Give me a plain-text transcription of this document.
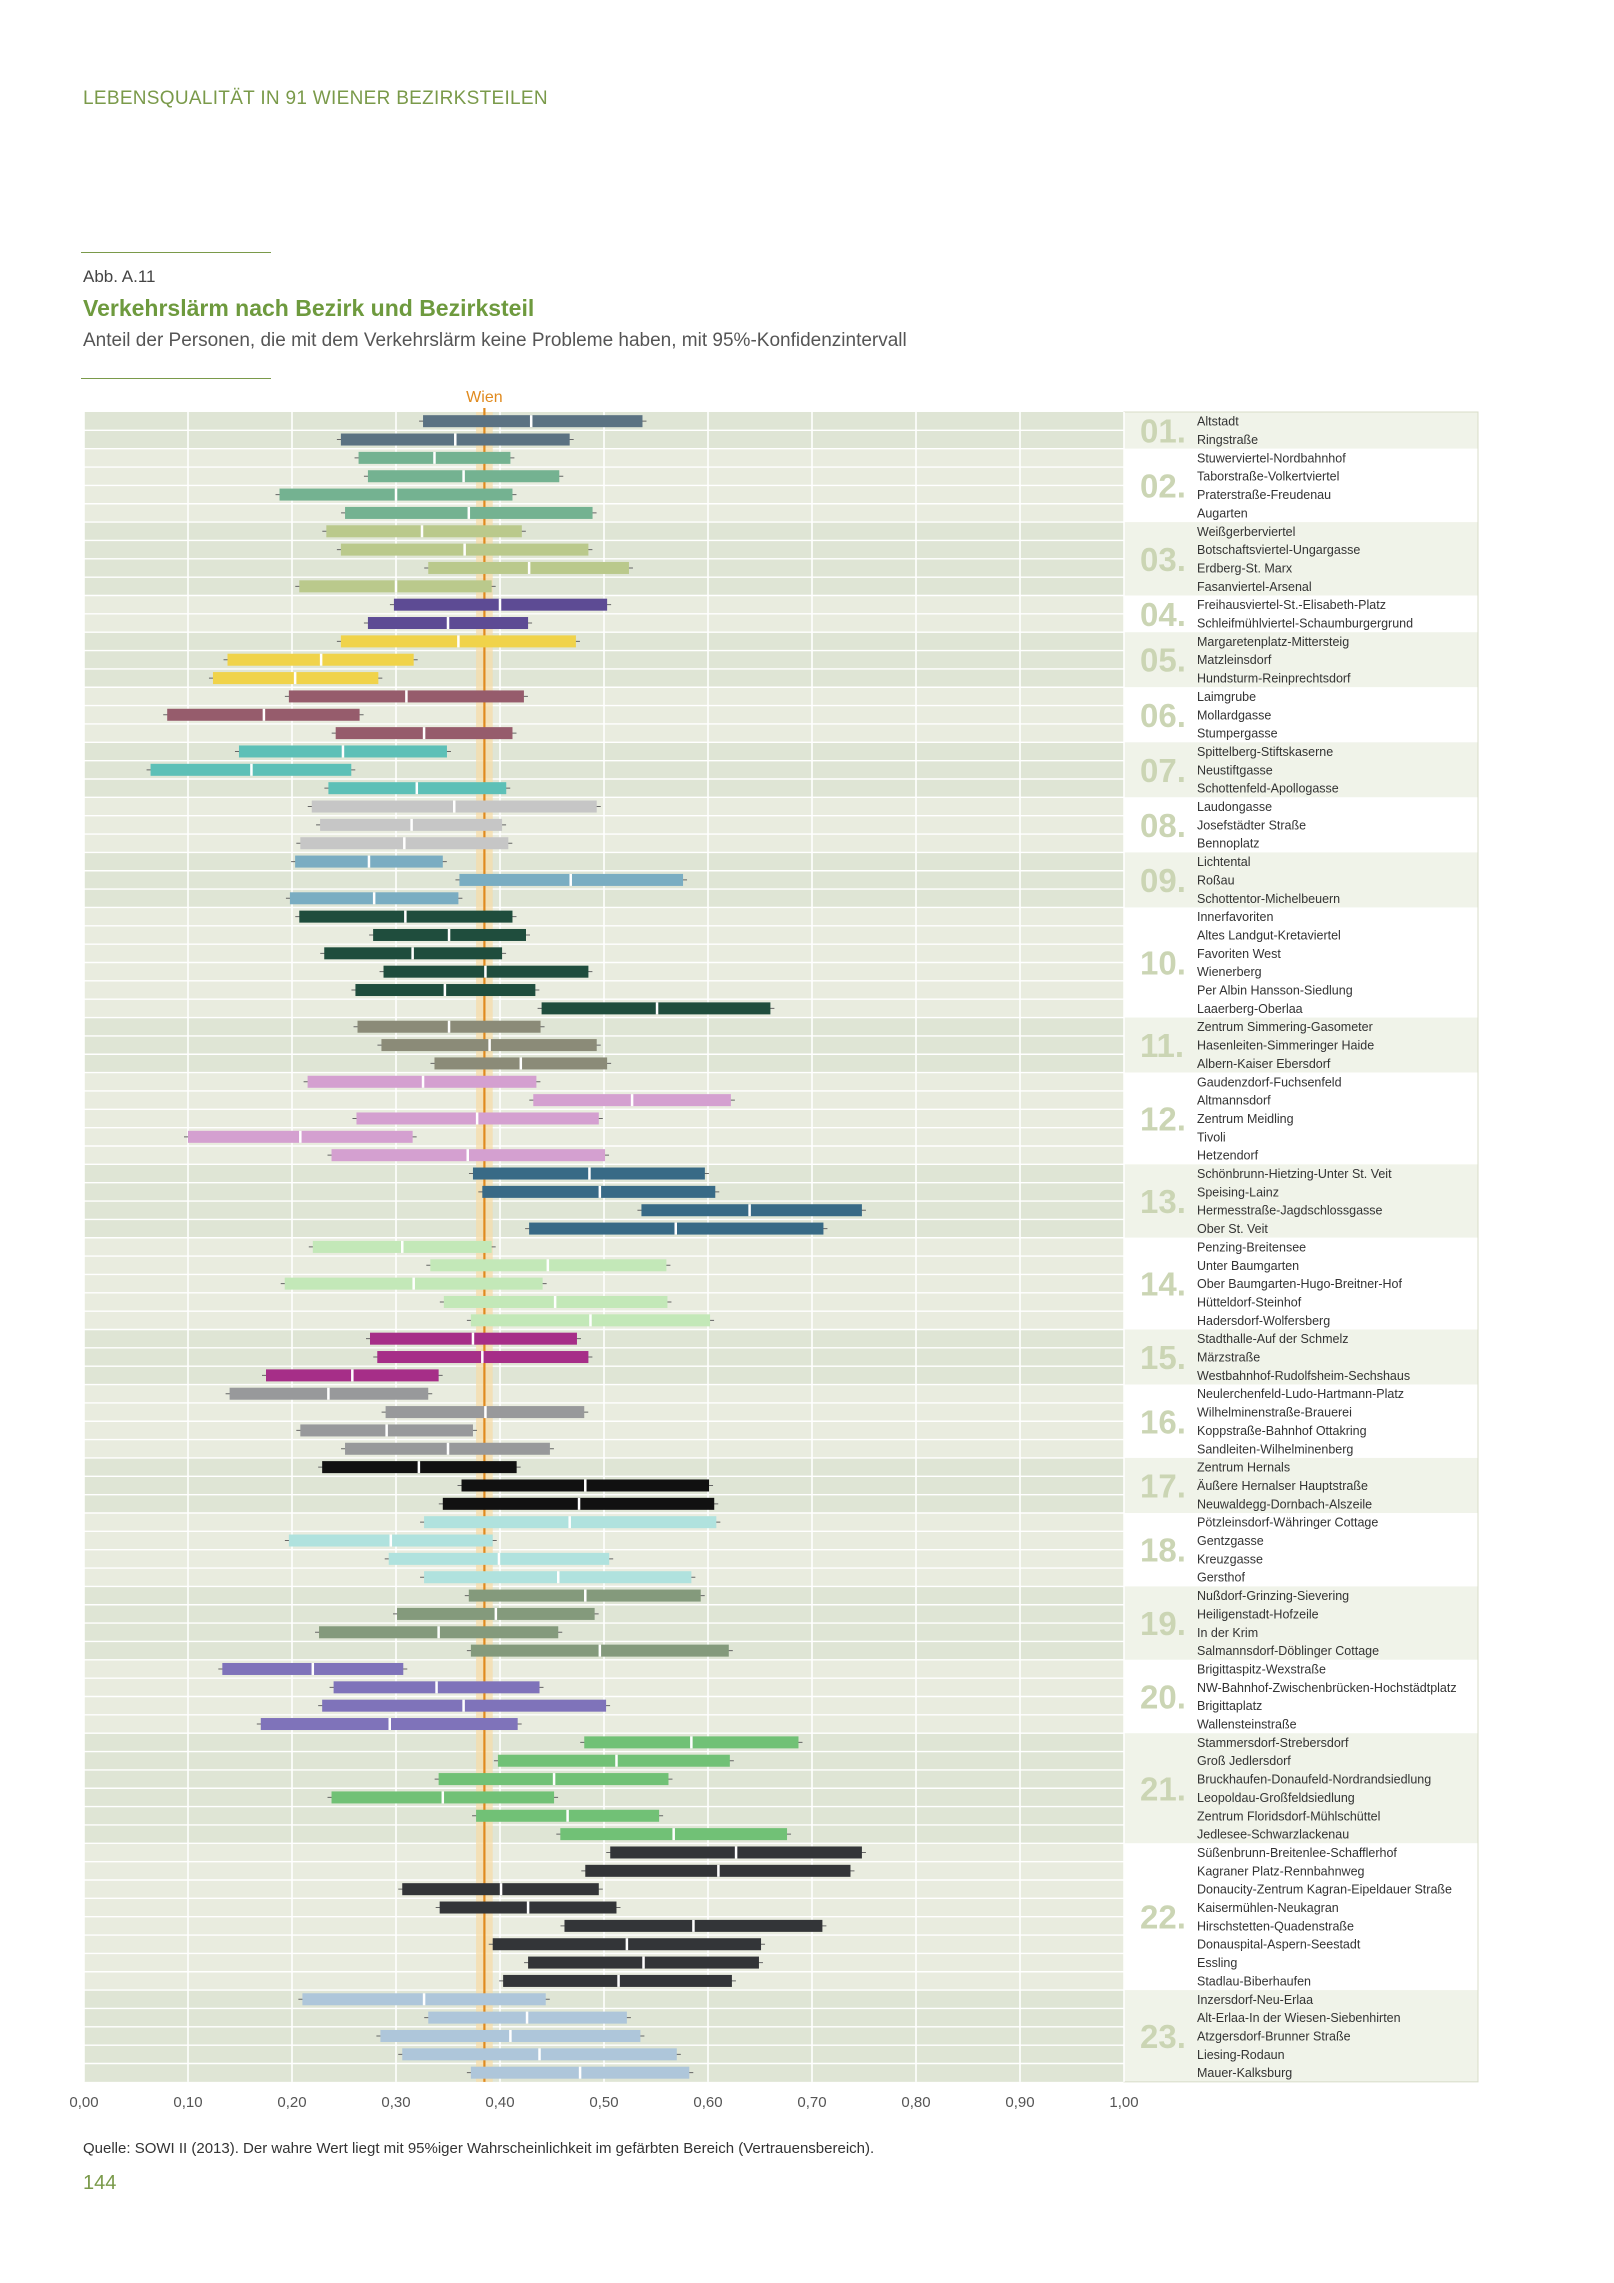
LEBENSQUALITÄT IN 91 WIENER BEZIRKSTEILEN
Abb. A.11
Verkehrslärm nach Bezirk und Bezirksteil
Anteil der Personen, die mit dem Verkehrslärm keine Probleme haben, mit 95%-Konfidenzintervall
0,00	0,10	0,20	0,30	0,40	0,50	0,60	0,70	0,80	0,90	1,00
Wien
Altstadt
Ringstraße
01.
Stuwerviertel-Nordbahnhof
Taborstraße-Volkertviertel
Praterstraße-Freudenau
Augarten
02.
Weißgerberviertel
Botschaftsviertel-Ungargasse
Erdberg-St. Marx
Fasanviertel-Arsenal
03.
Freihausviertel-St.-Elisabeth-Platz
Schleifmühlviertel-Schaumburgergrund
04.
Margaretenplatz-Mittersteig
Matzleinsdorf
Hundsturm-Reinprechtsdorf
05.
Laimgrube
Mollardgasse
Stumpergasse
06.
Spittelberg-Stiftskaserne
Neustiftgasse
Schottenfeld-Apollogasse
07.
Laudongasse
Josefstädter Straße
Bennoplatz
08.
Lichtental
Roßau
Schottentor-Michelbeuern
09.
Innerfavoriten
Altes Landgut-Kretaviertel
Favoriten West
Wienerberg
Per Albin Hansson-Siedlung
Laaerberg-Oberlaa
10.
Zentrum Simmering-Gasometer
Hasenleiten-Simmeringer Haide
Albern-Kaiser Ebersdorf
11.
Gaudenzdorf-Fuchsenfeld
Altmannsdorf
Zentrum Meidling
Tivoli
Hetzendorf
12.
Schönbrunn-Hietzing-Unter St. Veit
Speising-Lainz
Hermesstraße-Jagdschlossgasse
Ober St. Veit
13.
Penzing-Breitensee
Unter Baumgarten
Ober Baumgarten-Hugo-Breitner-Hof
Hütteldorf-Steinhof
Hadersdorf-Wolfersberg
14.
Stadthalle-Auf der Schmelz
Märzstraße
Westbahnhof-Rudolfsheim-Sechshaus
15.
Neulerchenfeld-Ludo-Hartmann-Platz
Wilhelminenstraße-Brauerei
Koppstraße-Bahnhof Ottakring
Sandleiten-Wilhelminenberg
16.
Zentrum Hernals
Äußere Hernalser Hauptstraße
Neuwaldegg-Dornbach-Alszeile
17.
Pötzleinsdorf-Währinger Cottage
Gentzgasse
Kreuzgasse
Gersthof
18.
Nußdorf-Grinzing-Sievering
Heiligenstadt-Hofzeile
In der Krim
Salmannsdorf-Döblinger Cottage
19.
Brigittaspitz-Wexstraße
NW-Bahnhof-Zwischenbrücken-Hochstädtplatz
Brigittaplatz
Wallensteinstraße
20.
Stammersdorf-Strebersdorf
Groß Jedlersdorf
Bruckhaufen-Donaufeld-Nordrandsiedlung
Leopoldau-Großfeldsiedlung
Zentrum Floridsdorf-Mühlschüttel
Jedlesee-Schwarzlackenau
21.
Süßenbrunn-Breitenlee-Schafflerhof
Kagraner Platz-Rennbahnweg
Donaucity-Zentrum Kagran-Eipeldauer Straße
Kaisermühlen-Neukagran
Hirschstetten-Quadenstraße
Donauspital-Aspern-Seestadt
Essling
Stadlau-Biberhaufen
22.
Inzersdorf-Neu-Erlaa
Alt-Erlaa-In der Wiesen-Siebenhirten
Atzgersdorf-Brunner Straße
Liesing-Rodaun
Mauer-Kalksburg
23.
Quelle: SOWI II (2013). Der wahre Wert liegt mit 95%iger Wahrscheinlichkeit im gefärbten Bereich (Vertrauensbereich).
144
